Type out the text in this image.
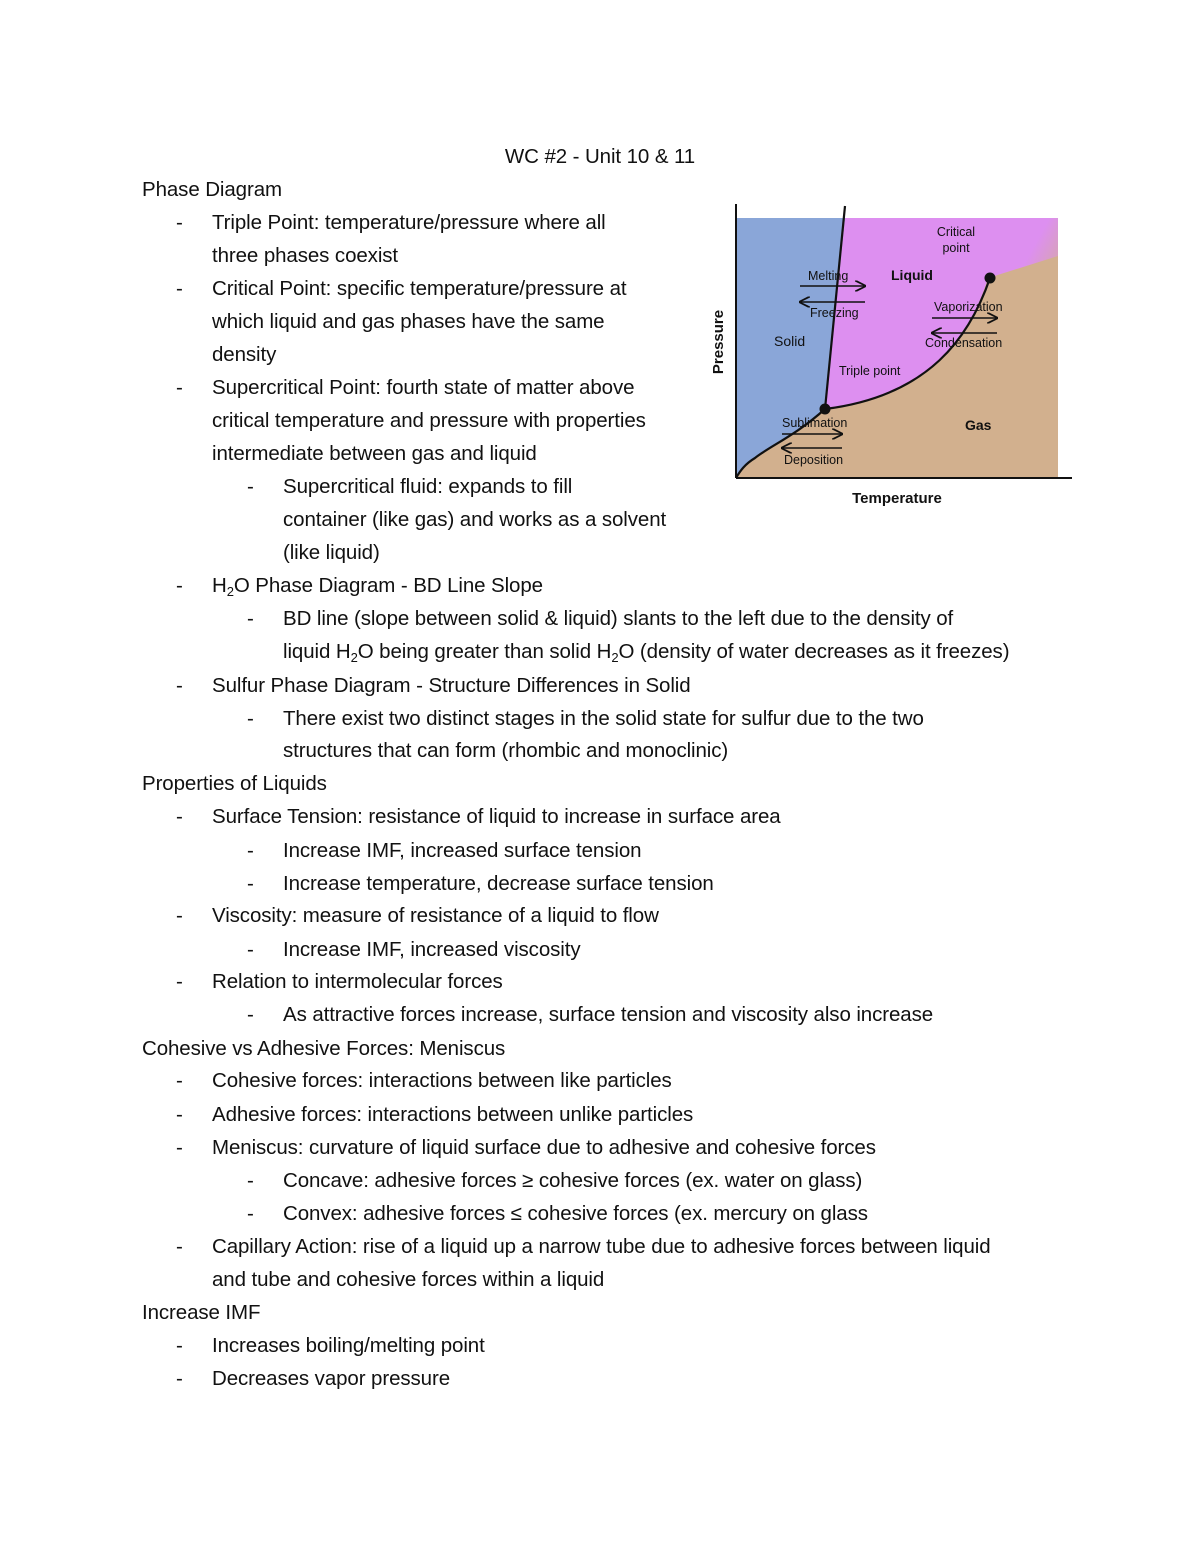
WC #2 - Unit 10 & 11
Phase Diagram
- Triple Point: temperature/pressure where all
three phases coexist
- Critical Point: specific temperature/pressure at
which liquid and gas phases have the same
density
- Supercritical Point: fourth state of matter above
critical temperature and pressure with properties
intermediate between gas and liquid
- Supercritical fluid: expands to fill
container (like gas) and works as a solvent
(like liquid)
- $H_2O$ Phase Diagram - BD Line Slope
- BD line (slope between solid & liquid) slants to the left due to the density of
liquid $H_2O$ being greater than solid $H_2O$ (density of water decreases as it freezes)
- Sulfur Phase Diagram - Structure Differences in Solid
- There exist two distinct stages in the solid state for sulfur due to the two
structures that can form (rhombic and monoclinic)
Properties of Liquids
- Surface Tension: resistance of liquid to increase in surface area
- Increase IMF, increased surface tension
- Increase temperature, decrease surface tension
- Viscosity: measure of resistance of a liquid to flow
- Increase IMF, increased viscosity
- Relation to intermolecular forces
- As attractive forces increase, surface tension and viscosity also increase
Cohesive vs Adhesive Forces: Meniscus
- Cohesive forces: interactions between like particles
- Adhesive forces: interactions between unlike particles
- Meniscus: curvature of liquid surface due to adhesive and cohesive forces
- Concave: adhesive forces ≥ cohesive forces (ex. water on glass)
- Convex: adhesive forces ≤ cohesive forces (ex. mercury on glass
- Capillary Action: rise of a liquid up a narrow tube due to adhesive forces between liquid
and tube and cohesive forces within a liquid
Increase IMF
- Increases boiling/melting point
- Decreases vapor pressure
Solid
Liquid
Gas
Melting
Freezing	Vaporization
Condensation
Sublimation
Deposition
Triple point
Critical
point
Temperature
Pressure
